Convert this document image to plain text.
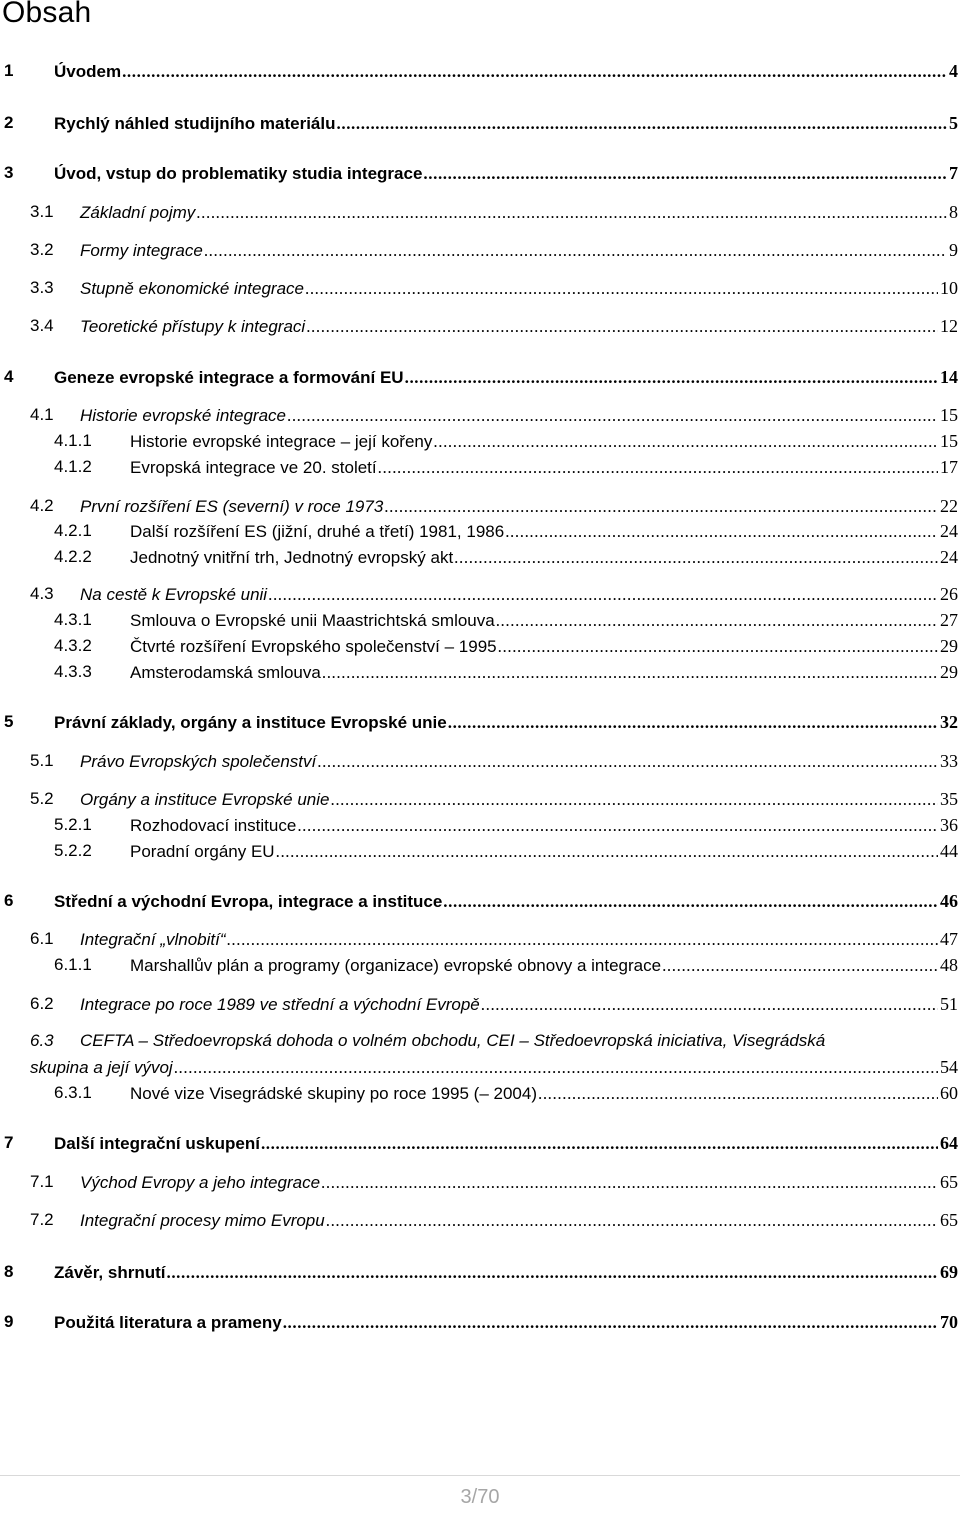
Obsah
1 Úvodem .....	4
2 Rychlý náhled studijního materiálu .....	5
3 Úvod, vstup do problematiky studia integrace .....	7
3.1 Základní pojmy .....	8
3.2 Formy integrace .....	9
3.3 Stupně ekonomické integrace .....	10
3.4 Teoretické přístupy k integraci .....	12
4 Geneze evropské integrace a formování EU .....	14
4.1 Historie evropské integrace .....	15
4.1.1 Historie evropské integrace – její kořeny .....	15
4.1.2 Evropská integrace ve 20. století .....	17
4.2 První rozšíření ES (severní) v roce 1973 .....	22
4.2.1 Další rozšíření ES (jižní, druhé a třetí) 1981, 1986 .....	24
4.2.2 Jednotný vnitřní trh, Jednotný evropský akt .....	24
4.3 Na cestě k Evropské unii .....	26
4.3.1 Smlouva o Evropské unii Maastrichtská smlouva .....	27
4.3.2 Čtvrté rozšíření Evropského společenství – 1995 .....	29
4.3.3 Amsterodamská smlouva .....	29
5 Právní základy, orgány a instituce Evropské unie .....	32
5.1 Právo Evropských společenství .....	33
5.2 Orgány a instituce Evropské unie .....	35
5.2.1 Rozhodovací instituce .....	36
5.2.2 Poradní orgány EU .....	44
6 Střední a východní Evropa, integrace a instituce .....	46
6.1 Integrační „vlnobití“ .....	47
6.1.1 Marshallův plán a programy (organizace) evropské obnovy a integrace .....	48
6.2 Integrace po roce 1989 ve střední a východní Evropě .....	51
6.3 CEFTA – Středoevropská dohoda o volném obchodu, CEI – Středoevropská iniciativa, Visegrádská
skupina a její vývoj .....	54
6.3.1 Nové vize Visegrádské skupiny po roce 1995 (– 2004) .....	60
7 Další integrační uskupení .....	64
7.1 Východ Evropy a jeho integrace .....	65
7.2 Integrační procesy mimo Evropu .....	65
8 Závěr, shrnutí .....	69
9 Použitá literatura a prameny .....	70
3/70
